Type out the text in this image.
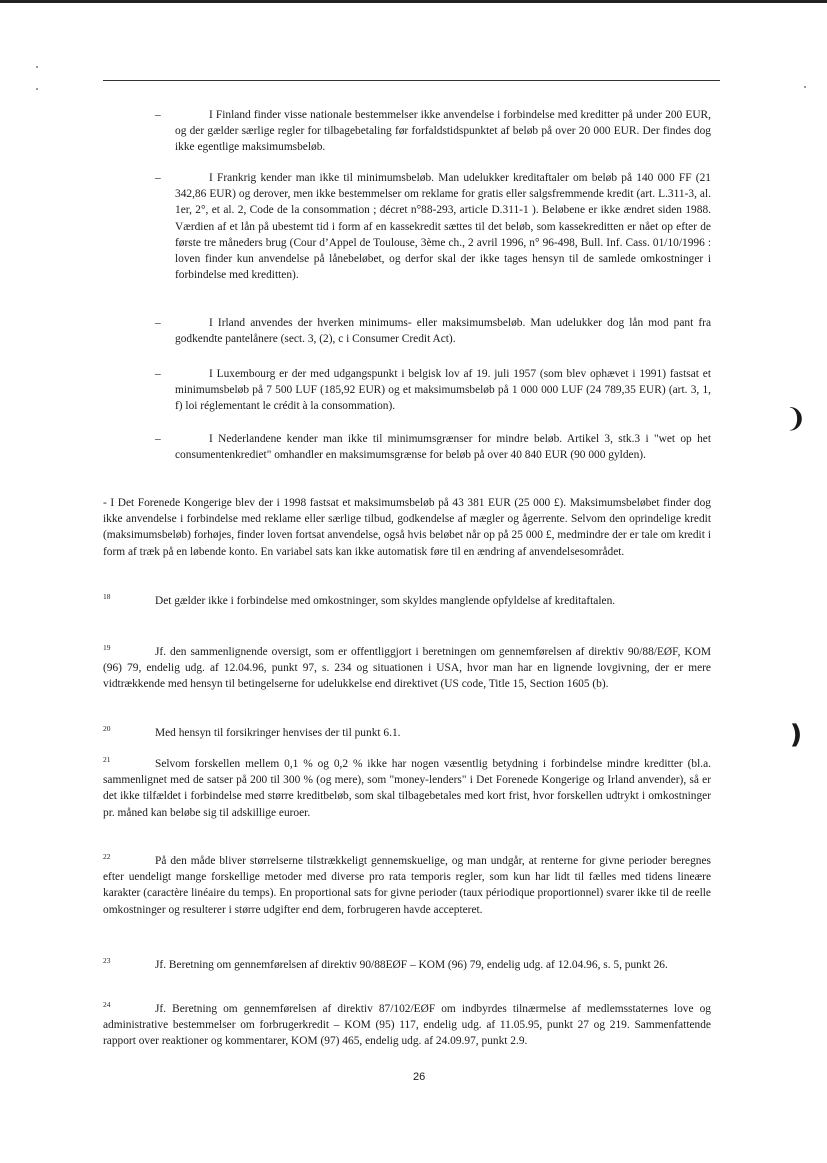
–	I Finland finder visse nationale bestemmelser ikke anvendelse i forbindelse med kreditter på under 200 EUR, og der gælder særlige regler for tilbagebetaling før forfaldstidspunktet af beløb på over 20 000 EUR. Der findes dog ikke egentlige maksimumsbeløb.
–	I Frankrig kender man ikke til minimumsbeløb. Man udelukker kreditaftaler om beløb på 140 000 FF (21 342,86 EUR) og derover, men ikke bestemmelser om reklame for gratis eller salgsfremmende kredit (art. L.311-3, al. 1er, 2°, et al. 2, Code de la consommation ; décret n°88-293, article D.311-1 ). Beløbene er ikke ændret siden 1988. Værdien af et lån på ubestemt tid i form af en kassekredit sættes til det beløb, som kassekreditten er nået op efter de første tre måneders brug (Cour d’Appel de Toulouse, 3ème ch., 2 avril 1996, n° 96-498, Bull. Inf. Cass. 01/10/1996 : loven finder kun anvendelse på lånebeløbet, og derfor skal der ikke tages hensyn til de samlede omkostninger i forbindelse med kreditten).
–	I Irland anvendes der hverken minimums- eller maksimumsbeløb. Man udelukker dog lån mod pant fra godkendte pantelånere (sect. 3, (2), c i Consumer Credit Act).
–	I Luxembourg er der med udgangspunkt i belgisk lov af 19. juli 1957 (som blev ophævet i 1991) fastsat et minimumsbeløb på 7 500 LUF (185,92 EUR) og et maksimumsbeløb på 1 000 000 LUF (24 789,35 EUR) (art. 3, 1, f) loi réglementant le crédit à la consommation).
–	I Nederlandene kender man ikke til minimumsgrænser for mindre beløb. Artikel 3, stk.3 i "wet op het consumentenkrediet" omhandler en maksimumsgrænse for beløb på over 40 840 EUR (90 000 gylden).
- I Det Forenede Kongerige blev der i 1998 fastsat et maksimumsbeløb på 43 381 EUR (25 000 £). Maksimumsbeløbet finder dog ikke anvendelse i forbindelse med reklame eller særlige tilbud, godkendelse af mægler og ågerrente. Selvom den oprindelige kredit (maksimumsbeløb) forhøjes, finder loven fortsat anvendelse, også hvis beløbet når op på 25 000 £, medmindre der er tale om kredit i form af træk på en løbende konto. En variabel sats kan ikke automatisk føre til en ændring af anvendelsesområdet.
18	Det gælder ikke i forbindelse med omkostninger, som skyldes manglende opfyldelse af kreditaftalen.
19	Jf. den sammenlignende oversigt, som er offentliggjort i beretningen om gennemførelsen af direktiv 90/88/EØF, KOM (96) 79, endelig udg. af 12.04.96, punkt 97, s. 234 og situationen i USA, hvor man har en lignende lovgivning, der er mere vidtrækkende med hensyn til betingelserne for udelukkelse end direktivet (US code, Title 15, Section 1605 (b).
20	Med hensyn til forsikringer henvises der til punkt 6.1.
21	Selvom forskellen mellem 0,1 % og 0,2 % ikke har nogen væsentlig betydning i forbindelse mindre kreditter (bl.a. sammenlignet med de satser på 200 til 300 % (og mere), som "money-lenders" i Det Forenede Kongerige og Irland anvender), så er det ikke tilfældet i forbindelse med større kreditbeløb, som skal tilbagebetales med kort frist, hvor forskellen udtrykt i omkostninger pr. måned kan beløbe sig til adskillige euroer.
22	På den måde bliver størrelserne tilstrækkeligt gennemskuelige, og man undgår, at renterne for givne perioder beregnes efter uendeligt mange forskellige metoder med diverse pro rata temporis regler, som kun har lidt til fælles med tidens lineære karakter (caractère linéaire du temps). En proportional sats for givne perioder (taux périodique proportionnel) svarer ikke til de reelle omkostninger og resulterer i større udgifter end dem, forbrugeren havde accepteret.
23	Jf. Beretning om gennemførelsen af direktiv 90/88EØF – KOM (96) 79, endelig udg. af 12.04.96, s. 5, punkt 26.
24	Jf. Beretning om gennemførelsen af direktiv 87/102/EØF om indbyrdes tilnærmelse af medlemsstaternes love og administrative bestemmelser om forbrugerkredit – KOM (95) 117, endelig udg. af 11.05.95, punkt 27 og 219. Sammenfattende rapport over reaktioner og kommentarer, KOM (97) 465, endelig udg. af 24.09.97, punkt 2.9.
26
❩
❫
